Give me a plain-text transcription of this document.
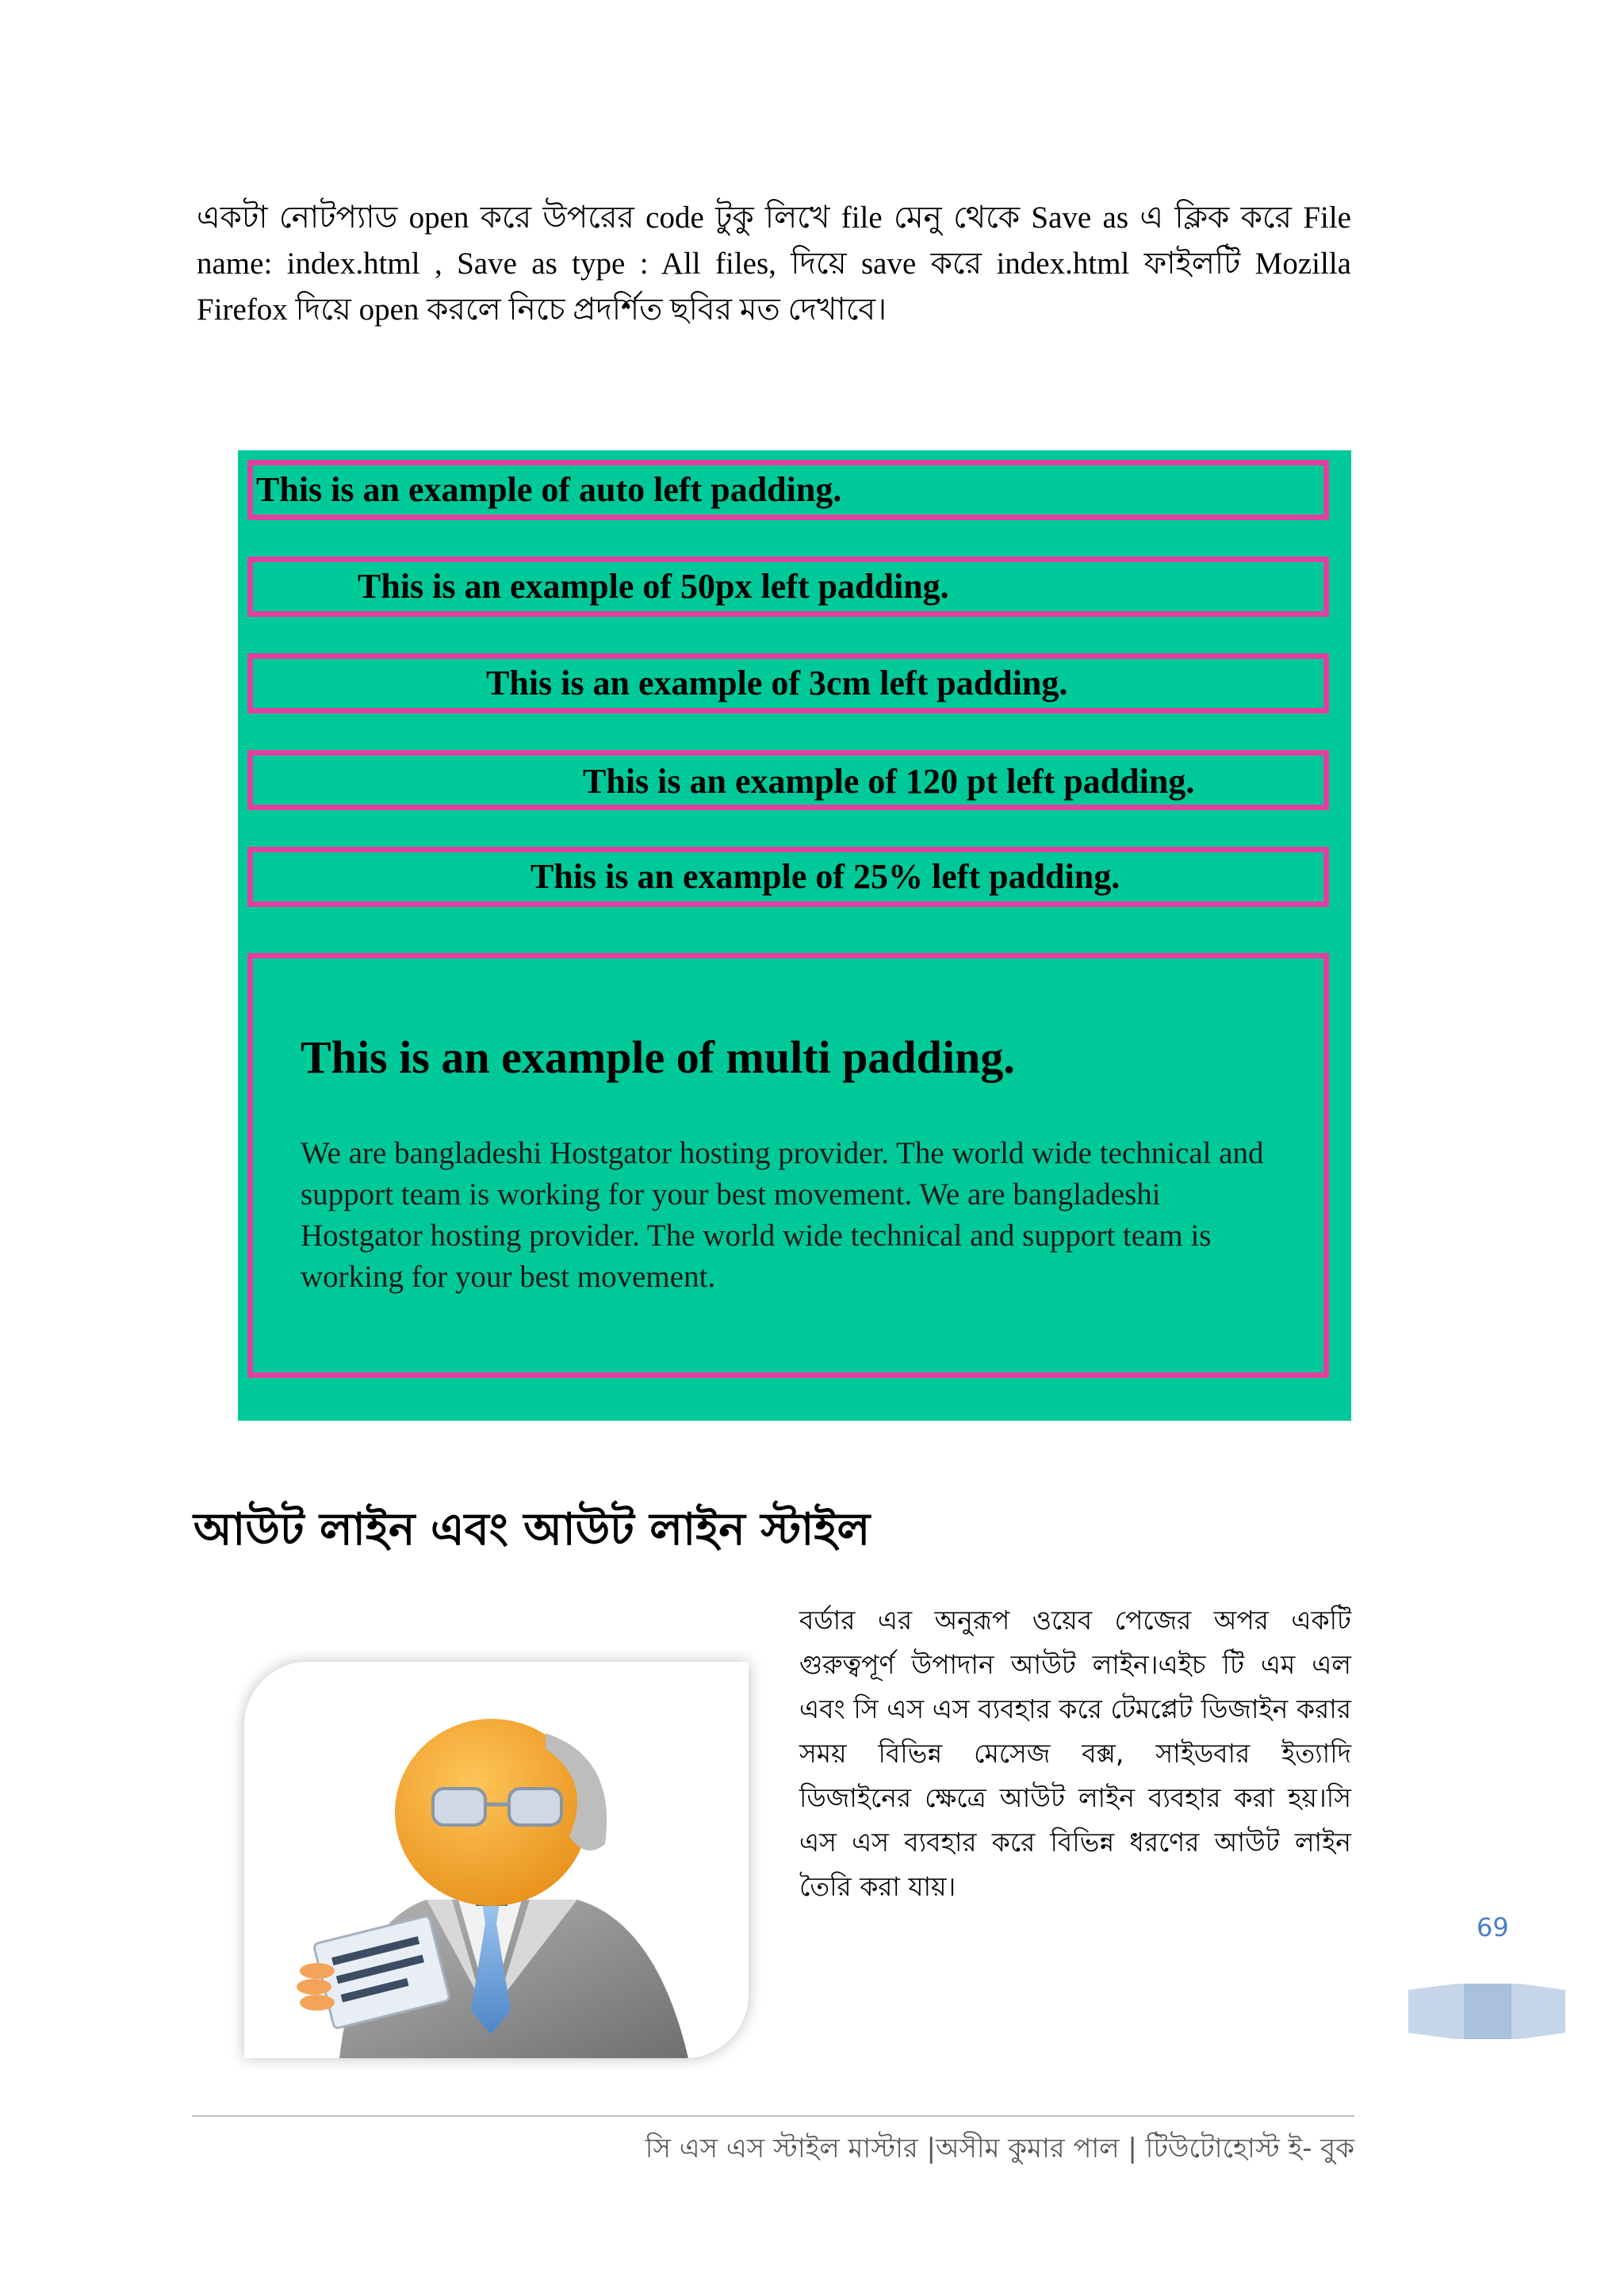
একটা নোটপ্যাড open করে উপরের code টুকু লিখে file মেনু থেকে Save as এ ক্লিক করে File name: index.html , Save as type : All files, দিয়ে save করে index.html ফাইলটি Mozilla Firefox দিয়ে open করলে নিচে প্রদর্শিত ছবির মত দেখাবে।

This is an example of auto left padding.
This is an example of 50px left padding.
This is an example of 3cm left padding.
This is an example of 120 pt left padding.
This is an example of 25% left padding.
This is an example of multi padding.

We are bangladeshi Hostgator hosting provider. The world wide technical and support team is working for your best movement. We are bangladeshi Hostgator hosting provider. The world wide technical and support team is working for your best movement.

আউট লাইন এবং আউট লাইন স্টাইল

বর্ডার এর অনুরূপ ওয়েব পেজের অপর একটি গুরুত্বপূর্ণ উপাদান আউট লাইন।এইচ টি এম এল এবং সি এস এস ব্যবহার করে টেমপ্লেট ডিজাইন করার সময় বিভিন্ন মেসেজ বক্স, সাইডবার ইত্যাদি ডিজাইনের ক্ষেত্রে আউট লাইন ব্যবহার করা হয়।সি এস এস ব্যবহার করে বিভিন্ন ধরণের আউট লাইন তৈরি করা যায়।

69
সি এস এস স্টাইল মাস্টার |অসীম কুমার পাল | টিউটোহোস্ট ই- বুক
